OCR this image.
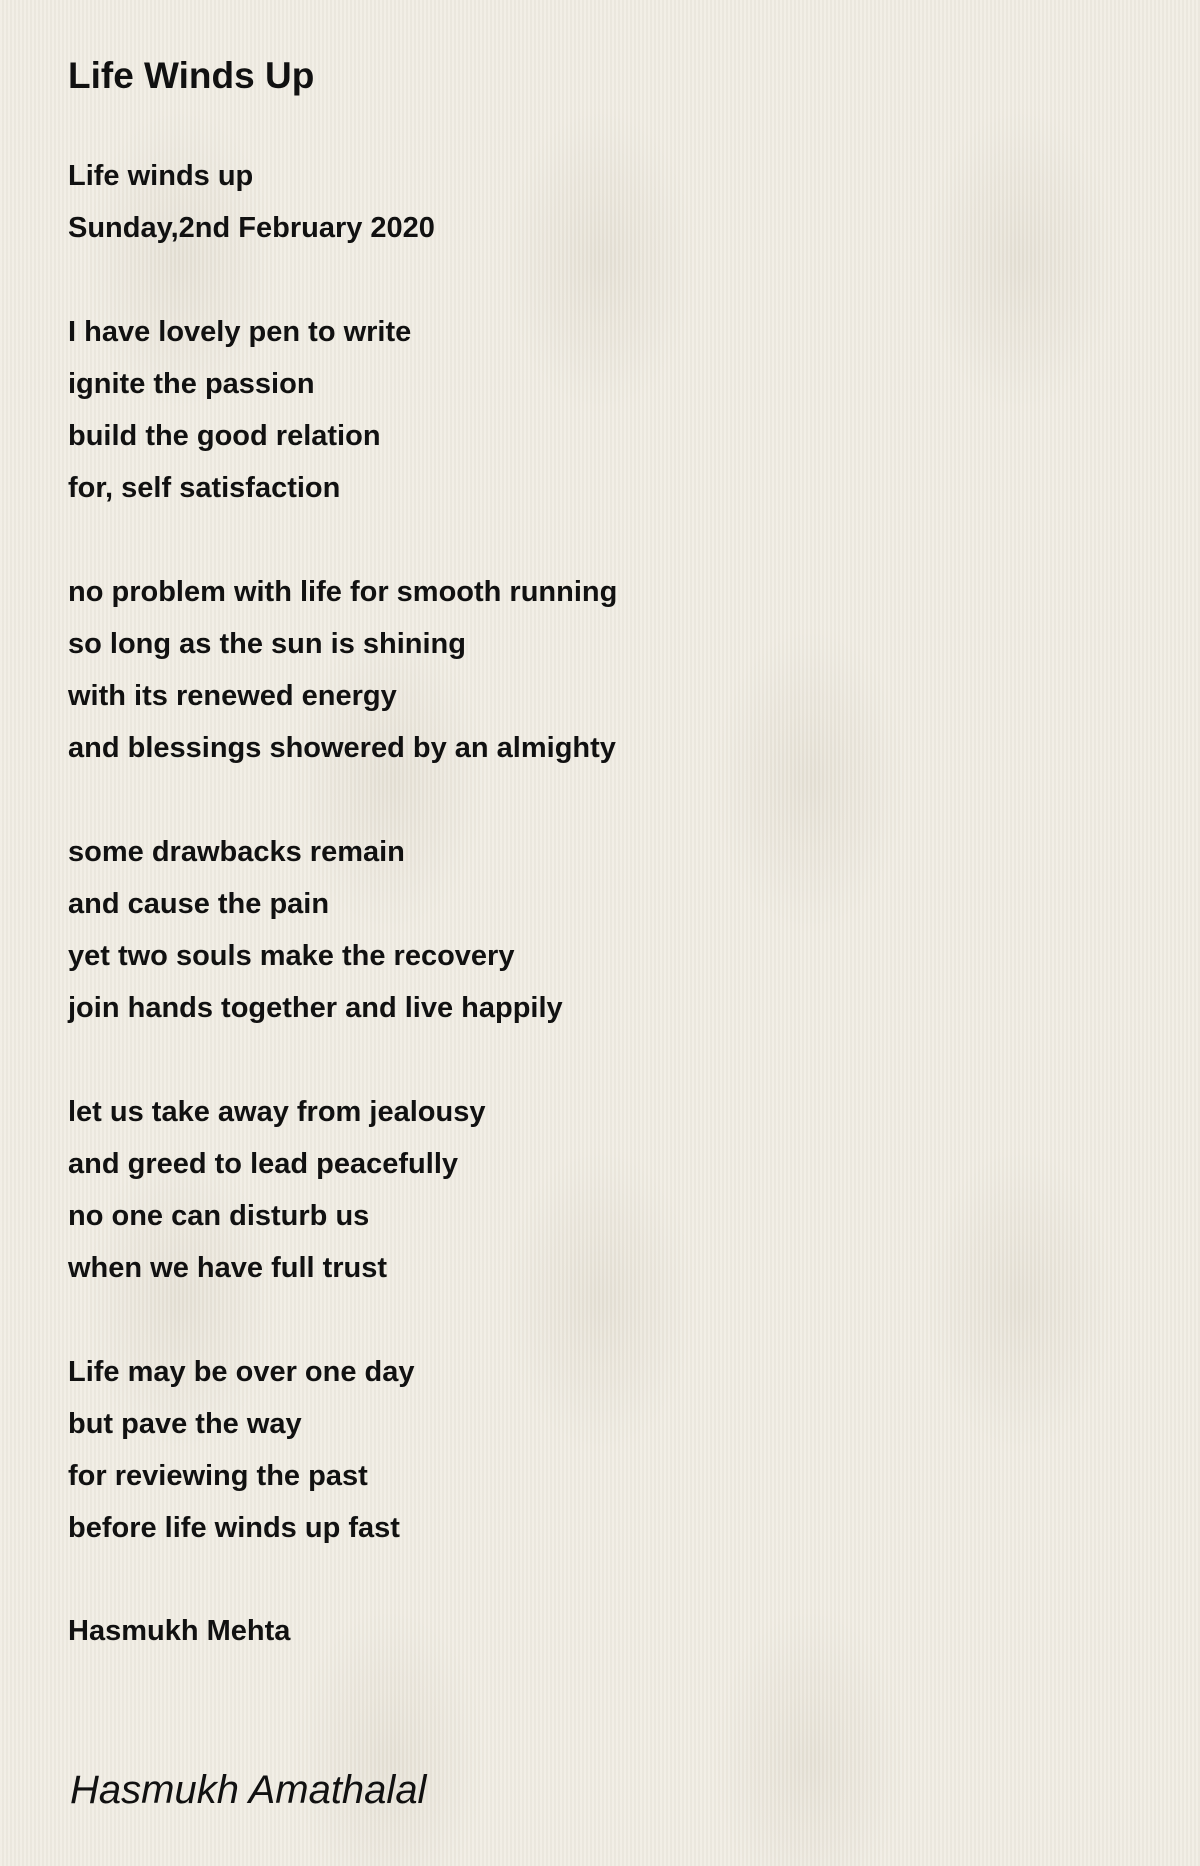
Life Winds Up
Life winds up
Sunday,2nd February 2020
I have lovely pen to write
ignite the passion
build the good relation
for, self satisfaction
no problem with life for smooth running
so long as the sun is shining
with its renewed energy
and blessings showered by an almighty
some drawbacks remain
and cause the pain
yet two souls make the recovery
join hands together and live happily
let us take away from jealousy
and greed to lead peacefully
no one can disturb us
when we have full trust
Life may be over one day
but pave the way
for reviewing the past
before life winds up fast
Hasmukh Mehta
Hasmukh Amathalal
